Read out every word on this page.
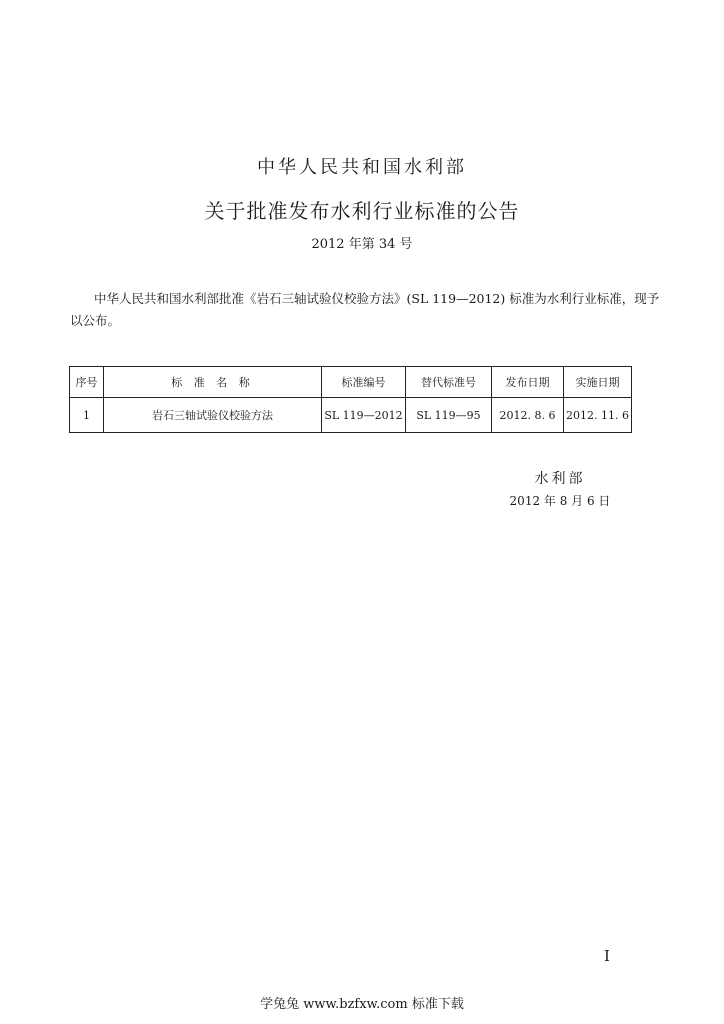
中华人民共和国水利部
关于批准发布水利行业标准的公告
2012 年第 34 号
中华人民共和国水利部批准《岩石三轴试验仪校验方法》(SL 119—2012) 标准为水利行业标准，现予以公布。
序号	标 准 名 称	标准编号	替代标准号	发布日期	实施日期
1	岩石三轴试验仪校验方法	SL 119—2012	SL 119—95	2012. 8. 6	2012. 11. 6
水利部
2012 年 8 月 6 日
I
学兔兔 www.bzfxw.com 标准下载
